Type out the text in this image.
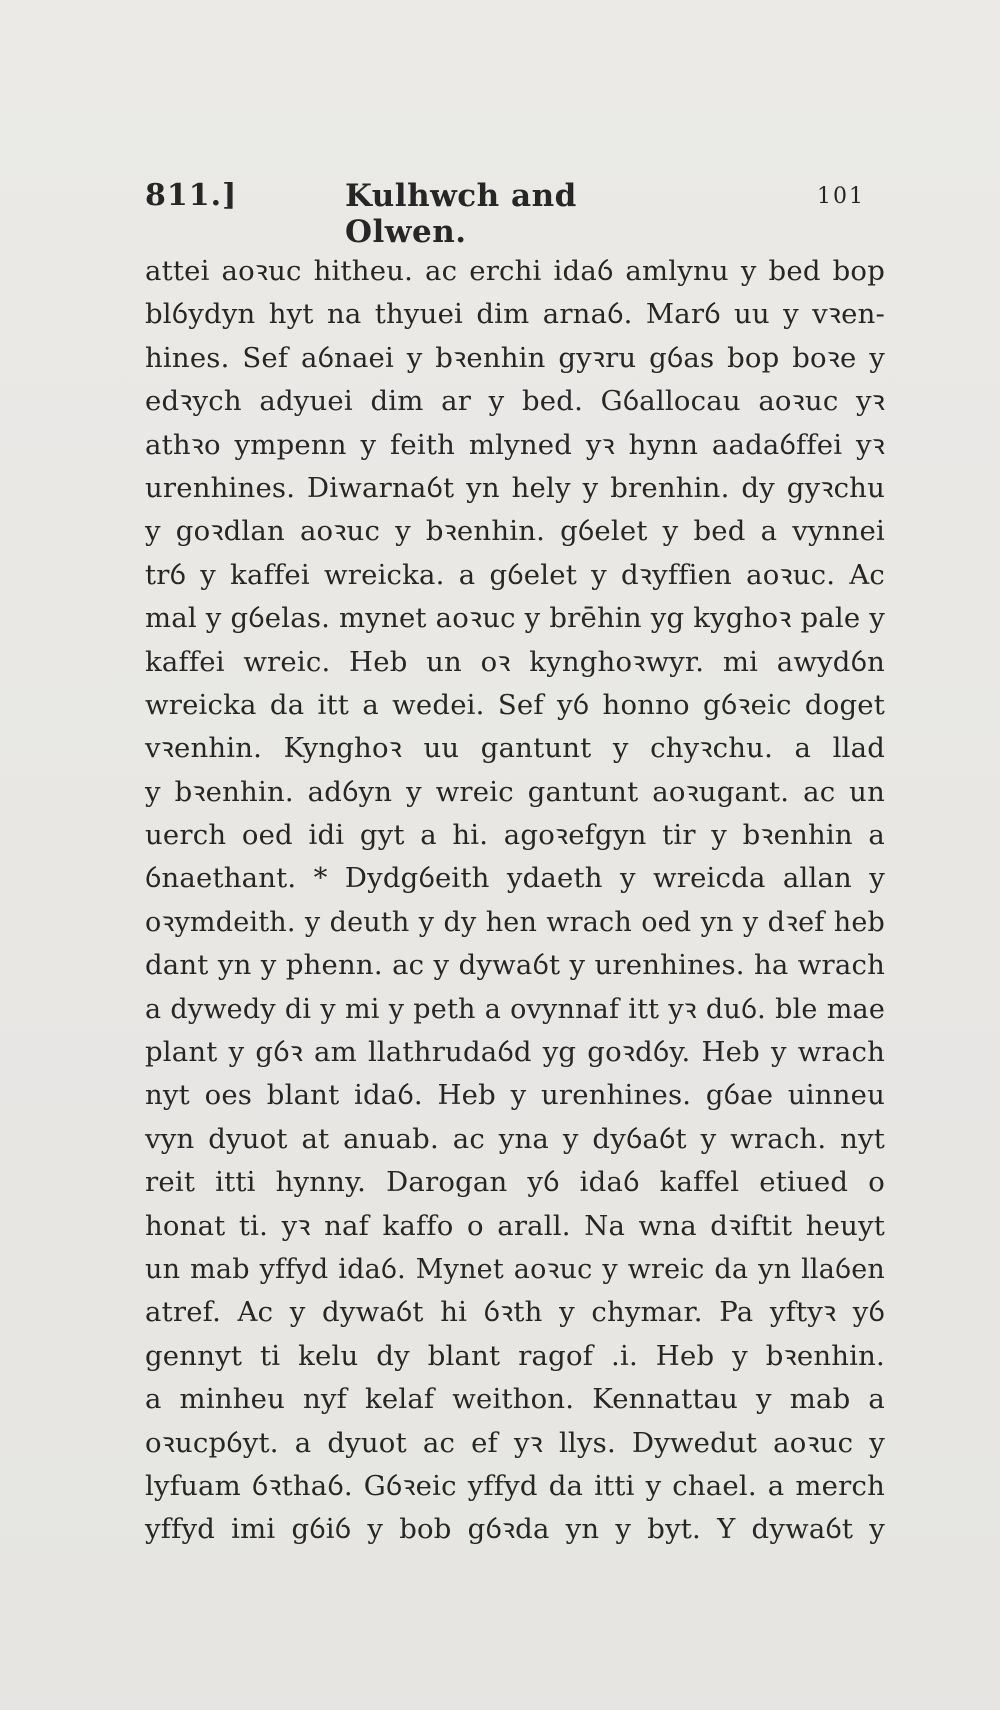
811.]	Kulhwch and Olwen.
101
attei aoꝛuc hitheu. ac erchi idaỽ amlynu y bed bop
blỽydyn hyt na thyuei dim arnaỽ. Marỽ uu y vꝛen-
hines. Sef aỽnaei y bꝛenhin gyꝛru gỽas bop boꝛe y
edꝛych adyuei dim ar y bed. Gỽallocau aoꝛuc yꝛ
athꝛo ympenn y feith mlyned yꝛ hynn aadaỽffei yꝛ
urenhines. Diwarnaỽt yn hely y brenhin. dy gyꝛchu
y goꝛdlan aoꝛuc y bꝛenhin. gỽelet y bed a vynnei
trỽ y kaffei wreicka. a gỽelet y dꝛyffien aoꝛuc. Ac
mal y gỽelas. mynet aoꝛuc y brēhin yg kyghoꝛ pale y
kaffei wreic. Heb un oꝛ kynghoꝛwyr. mi awydỽn
wreicka da itt a wedei. Sef yỽ honno gỽꝛeic doget
vꝛenhin. Kynghoꝛ uu gantunt y chyꝛchu. a llad
y bꝛenhin. adỽyn y wreic gantunt aoꝛugant. ac un
uerch oed idi gyt a hi. agoꝛefgyn tir y bꝛenhin a
ỽnaethant. * Dydgỽeith ydaeth y wreicda allan y
oꝛymdeith. y deuth y dy hen wrach oed yn y dꝛef heb
dant yn y phenn. ac y dywaỽt y urenhines. ha wrach
a dywedy di y mi y peth a ovynnaf itt yꝛ duỽ. ble mae
plant y gỽꝛ am llathrudaỽd yg goꝛdỽy. Heb y wrach
nyt oes blant idaỽ. Heb y urenhines. gỽae uinneu
vyn dyuot at anuab. ac yna y dyỽaỽt y wrach. nyt
reit itti hynny. Darogan yỽ idaỽ kaffel etiued o
honat ti. yꝛ naf kaffo o arall. Na wna dꝛiftit heuyt
un mab yffyd idaỽ. Mynet aoꝛuc y wreic da yn llaỽen
atref. Ac y dywaỽt hi ỽꝛth y chymar. Pa yftyꝛ yỽ
gennyt ti kelu dy blant ragof .i. Heb y bꝛenhin.
a minheu nyf kelaf weithon. Kennattau y mab a
oꝛucpỽyt. a dyuot ac ef yꝛ llys. Dywedut aoꝛuc y
lyfuam ỽꝛthaỽ. Gỽꝛeic yffyd da itti y chael. a merch
yffyd imi gỽiỽ y bob gỽꝛda yn y byt. Y dywaỽt y
